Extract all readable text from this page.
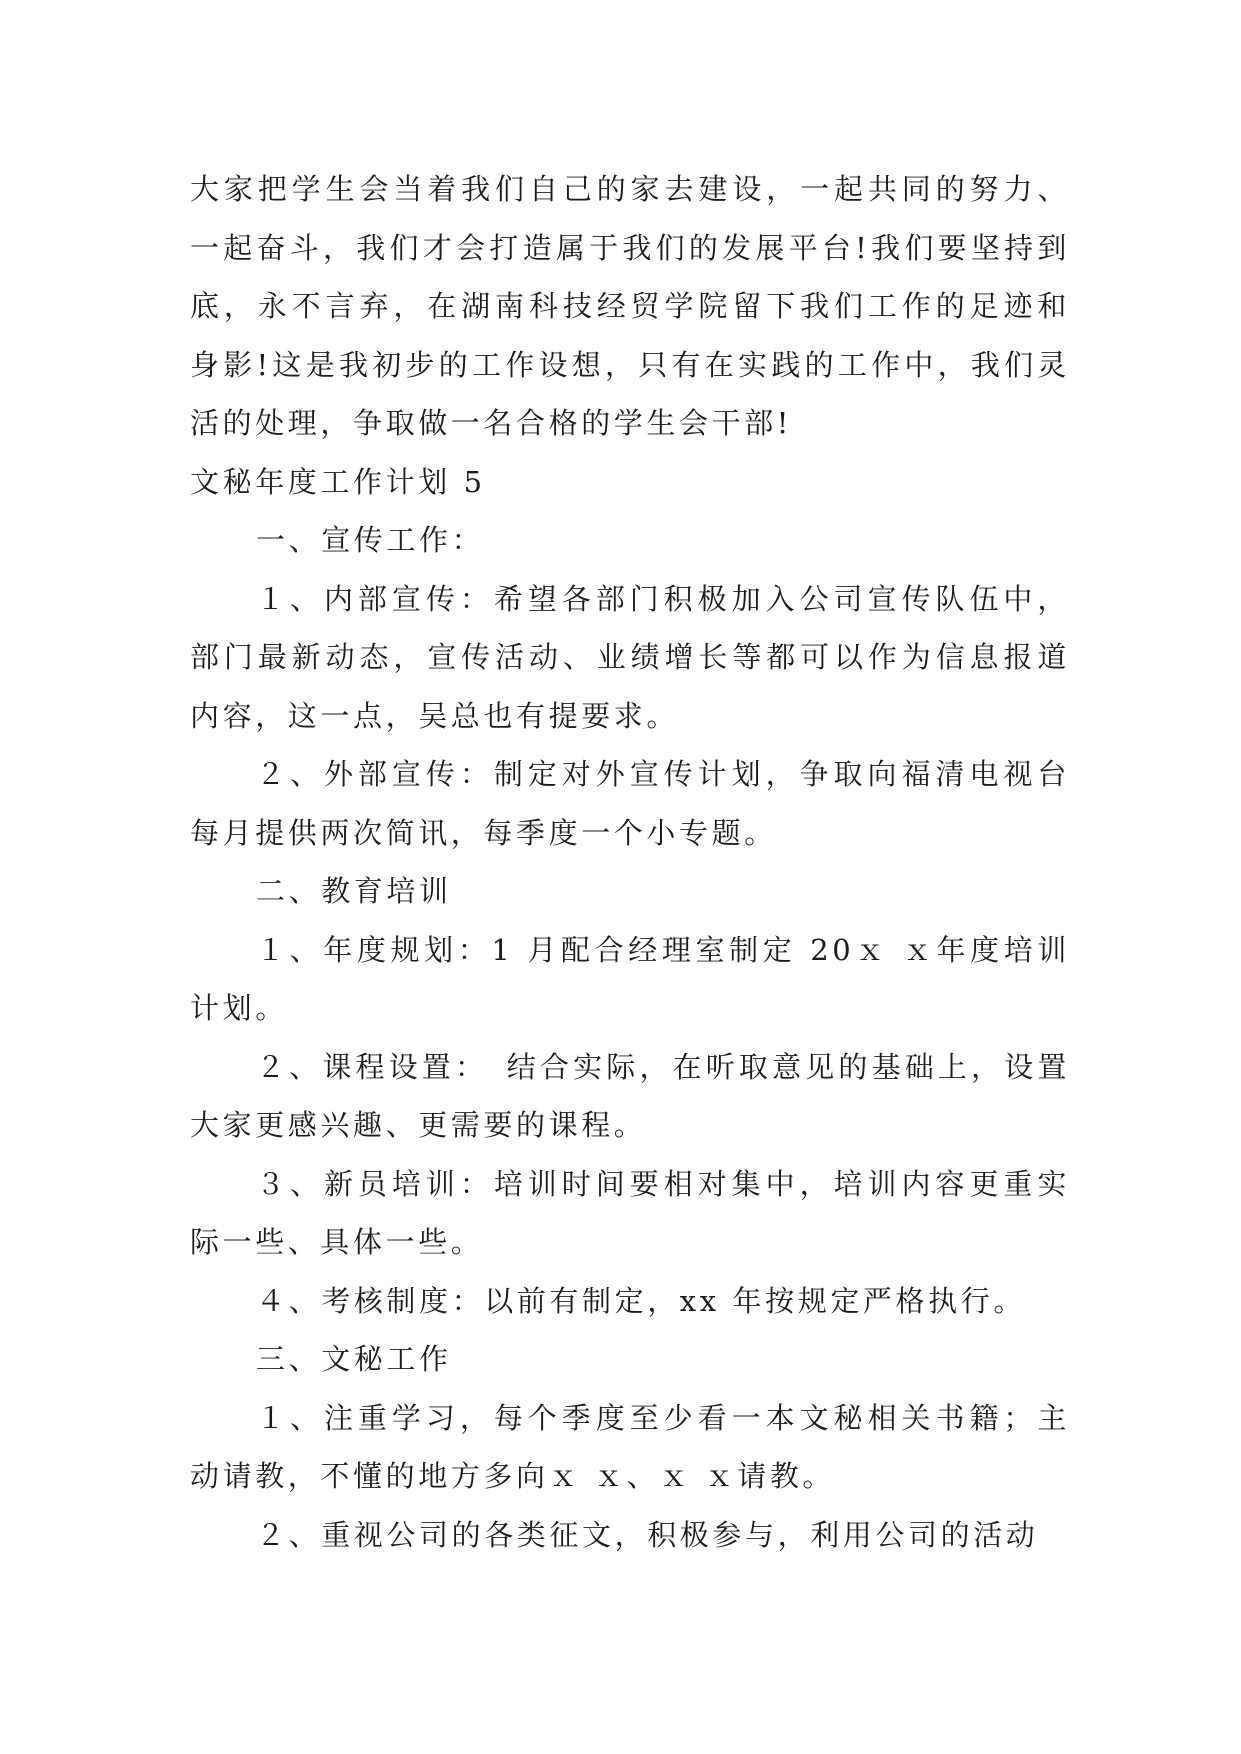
大家把学生会当着我们自己的家去建设，一起共同的努力、一起奋斗，我们才会打造属于我们的发展平台!我们要坚持到底，永不言弃，在湖南科技经贸学院留下我们工作的足迹和身影!这是我初步的工作设想，只有在实践的工作中，我们灵活的处理，争取做一名合格的学生会干部!

文秘年度工作计划 5

一、宣传工作：

１、内部宣传：希望各部门积极加入公司宣传队伍中，部门最新动态，宣传活动、业绩增长等都可以作为信息报道内容，这一点，吴总也有提要求。

２、外部宣传：制定对外宣传计划，争取向福清电视台每月提供两次简讯，每季度一个小专题。

二、教育培训

１、年度规划：1 月配合经理室制定 20ｘ ｘ年度培训计划。

２、课程设置：　结合实际，在听取意见的基础上，设置大家更感兴趣、更需要的课程。

３、新员培训：培训时间要相对集中，培训内容更重实际一些、具体一些。

４、考核制度：以前有制定，xx 年按规定严格执行。

三、文秘工作

１、注重学习，每个季度至少看一本文秘相关书籍；主动请教，不懂的地方多向ｘ ｘ、ｘ ｘ请教。

２、重视公司的各类征文，积极参与，利用公司的活动
